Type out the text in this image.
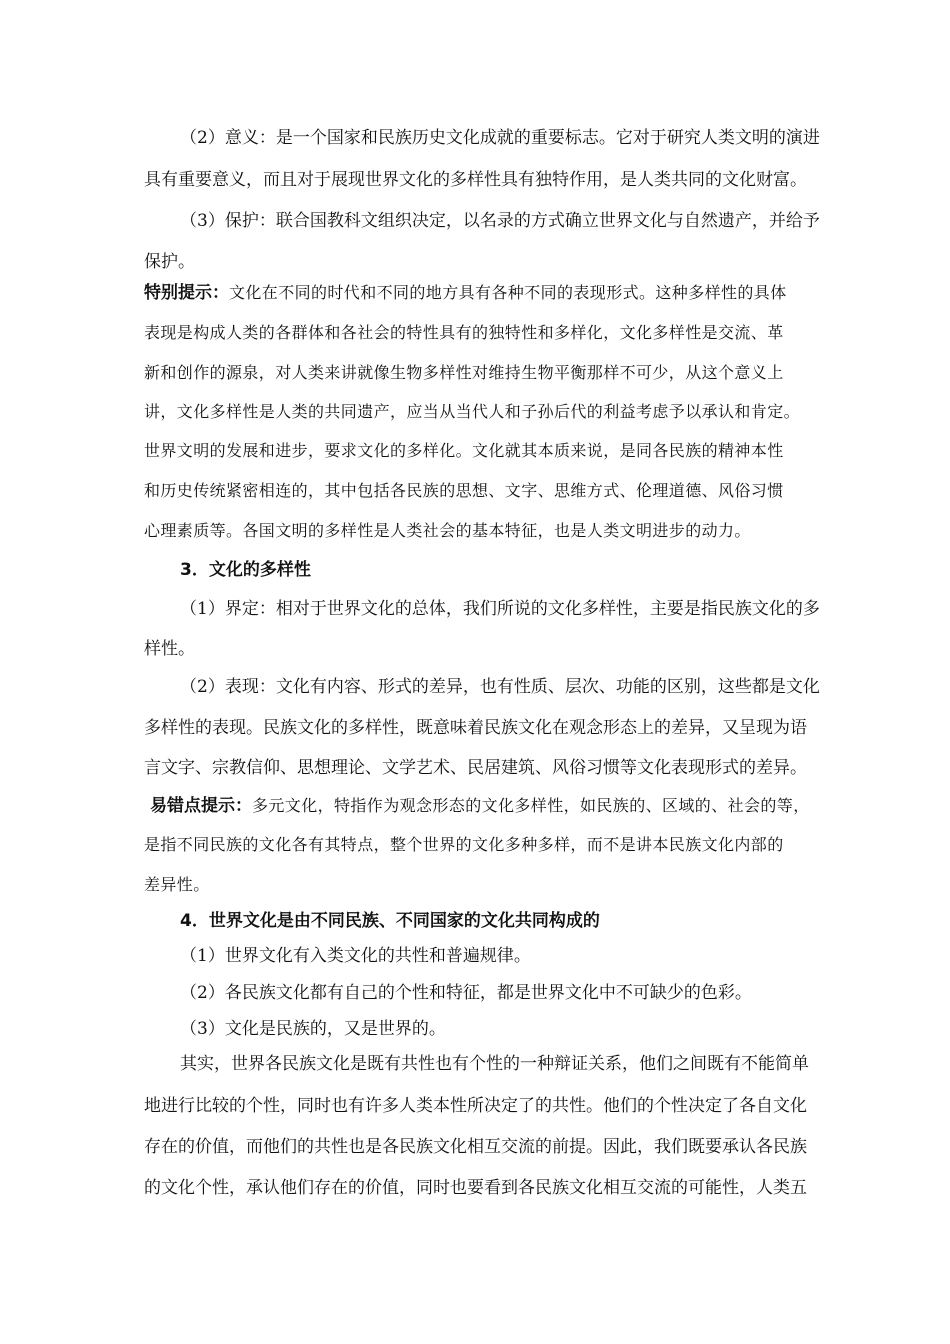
（2）意义：是一个国家和民族历史文化成就的重要标志。它对于研究人类文明的演进
具有重要意义，而且对于展现世界文化的多样性具有独特作用，是人类共同的文化财富。
（3）保护：联合国教科文组织决定，以名录的方式确立世界文化与自然遗产，并给予
保护。
特别提示：文化在不同的时代和不同的地方具有各种不同的表现形式。这种多样性的具体
表现是构成人类的各群体和各社会的特性具有的独特性和多样化，文化多样性是交流、革
新和创作的源泉，对人类来讲就像生物多样性对维持生物平衡那样不可少，从这个意义上
讲，文化多样性是人类的共同遗产，应当从当代人和子孙后代的利益考虑予以承认和肯定。
世界文明的发展和进步，要求文化的多样化。文化就其本质来说，是同各民族的精神本性
和历史传统紧密相连的，其中包括各民族的思想、文字、思维方式、伦理道德、风俗习惯
心理素质等。各国文明的多样性是人类社会的基本特征，也是人类文明进步的动力。
3．文化的多样性
（1）界定：相对于世界文化的总体，我们所说的文化多样性，主要是指民族文化的多
样性。
（2）表现：文化有内容、形式的差异，也有性质、层次、功能的区别，这些都是文化
多样性的表现。民族文化的多样性，既意味着民族文化在观念形态上的差异，又呈现为语
言文字、宗教信仰、思想理论、文学艺术、民居建筑、风俗习惯等文化表现形式的差异。
易错点提示：多元文化，特指作为观念形态的文化多样性，如民族的、区域的、社会的等，
是指不同民族的文化各有其特点，整个世界的文化多种多样，而不是讲本民族文化内部的
差异性。
4．世界文化是由不同民族、不同国家的文化共同构成的
（1）世界文化有入类文化的共性和普遍规律。
（2）各民族文化都有自己的个性和特征，都是世界文化中不可缺少的色彩。
（3）文化是民族的，又是世界的。
其实，世界各民族文化是既有共性也有个性的一种辩证关系，他们之间既有不能简单
地进行比较的个性，同时也有许多人类本性所决定了的共性。他们的个性决定了各自文化
存在的价值，而他们的共性也是各民族文化相互交流的前提。因此，我们既要承认各民族
的文化个性，承认他们存在的价值，同时也要看到各民族文化相互交流的可能性，人类五
